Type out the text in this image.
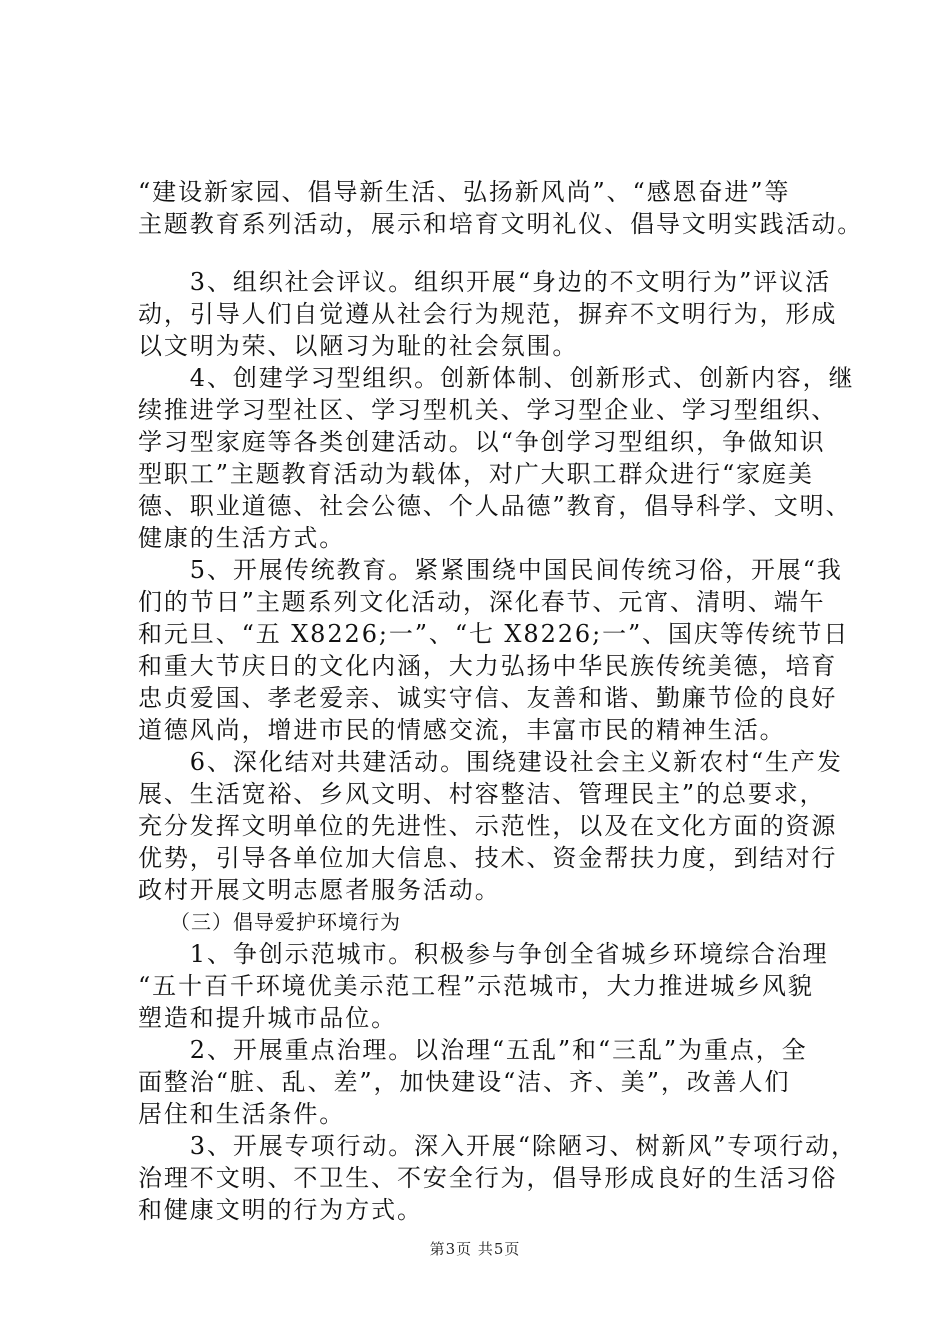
“建设新家园、倡导新生活、弘扬新风尚”、“感恩奋进”等
主题教育系列活动，展示和培育文明礼仪、倡导文明实践活动。
　　3、组织社会评议。组织开展“身边的不文明行为”评议活
动，引导人们自觉遵从社会行为规范，摒弃不文明行为，形成
以文明为荣、以陋习为耻的社会氛围。
　　4、创建学习型组织。创新体制、创新形式、创新内容，继
续推进学习型社区、学习型机关、学习型企业、学习型组织、
学习型家庭等各类创建活动。以“争创学习型组织，争做知识
型职工”主题教育活动为载体，对广大职工群众进行“家庭美
德、职业道德、社会公德、个人品德”教育，倡导科学、文明、
健康的生活方式。
　　5、开展传统教育。紧紧围绕中国民间传统习俗，开展“我
们的节日”主题系列文化活动，深化春节、元宵、清明、端午
和元旦、“五 X8226;一”、“七 X8226;一”、国庆等传统节日
和重大节庆日的文化内涵，大力弘扬中华民族传统美德，培育
忠贞爱国、孝老爱亲、诚实守信、友善和谐、勤廉节俭的良好
道德风尚，增进市民的情感交流，丰富市民的精神生活。
　　6、深化结对共建活动。围绕建设社会主义新农村“生产发
展、生活宽裕、乡风文明、村容整洁、管理民主”的总要求，
充分发挥文明单位的先进性、示范性，以及在文化方面的资源
优势，引导各单位加大信息、技术、资金帮扶力度，到结对行
政村开展文明志愿者服务活动。
　　（三）倡导爱护环境行为
　　1、争创示范城市。积极参与争创全省城乡环境综合治理
“五十百千环境优美示范工程”示范城市，大力推进城乡风貌
塑造和提升城市品位。
　　2、开展重点治理。以治理“五乱”和“三乱”为重点，全
面整治“脏、乱、差”，加快建设“洁、齐、美”，改善人们
居住和生活条件。
　　3、开展专项行动。深入开展“除陋习、树新风”专项行动，
治理不文明、不卫生、不安全行为，倡导形成良好的生活习俗
和健康文明的行为方式。
第3页 共5页
